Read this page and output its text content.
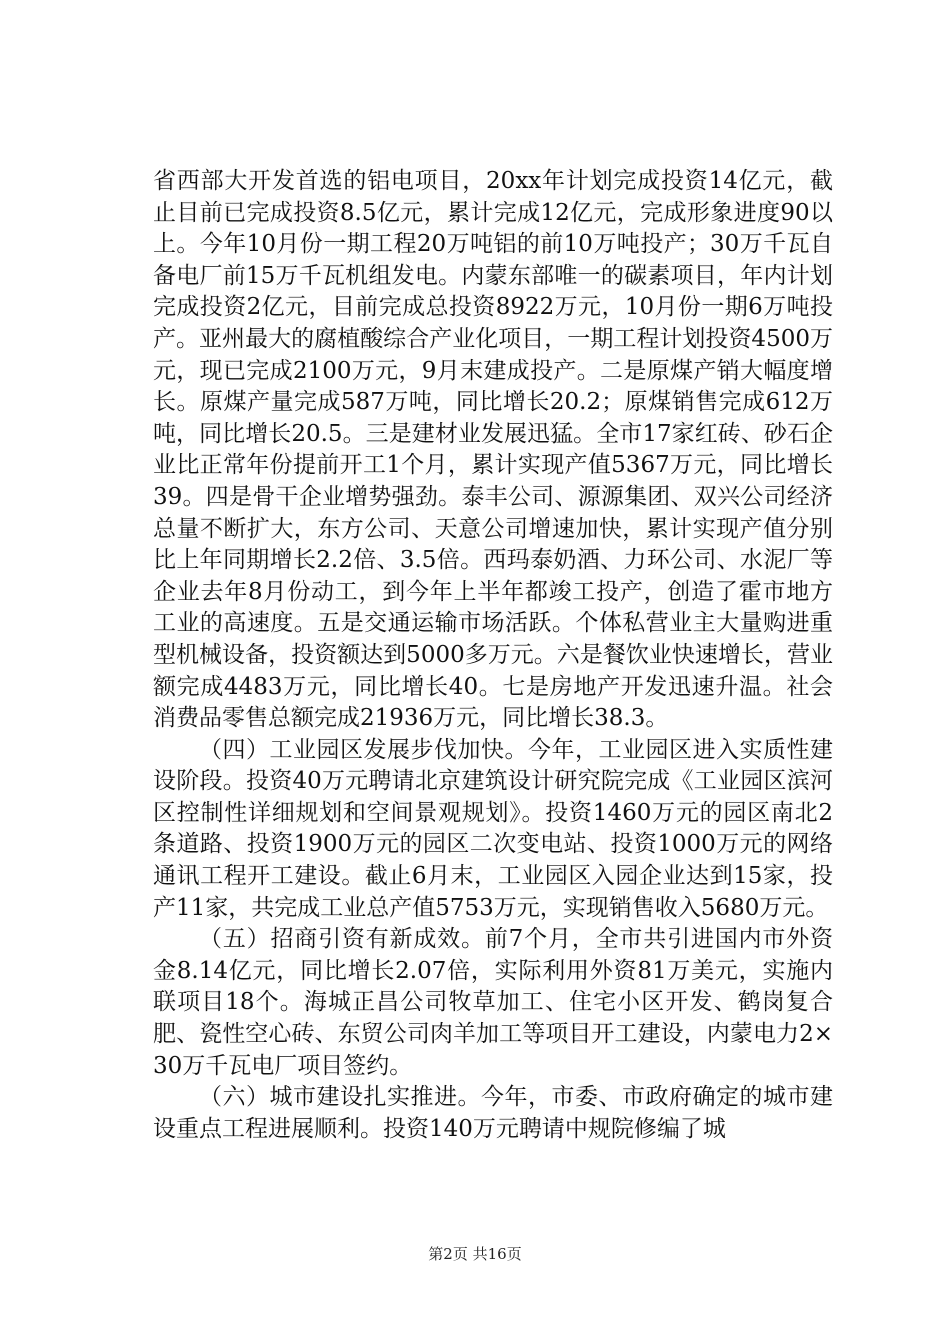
省西部大开发首选的铝电项目，20xx年计划完成投资14亿元，截止目前已完成投资8.5亿元，累计完成12亿元，完成形象进度90以上。今年10月份一期工程20万吨铝的前10万吨投产；30万千瓦自备电厂前15万千瓦机组发电。内蒙东部唯一的碳素项目，年内计划完成投资2亿元，目前完成总投资8922万元，10月份一期6万吨投产。亚州最大的腐植酸综合产业化项目，一期工程计划投资4500万元，现已完成2100万元，9月末建成投产。二是原煤产销大幅度增长。原煤产量完成587万吨，同比增长20.2；原煤销售完成612万吨，同比增长20.5。三是建材业发展迅猛。全市17家红砖、砂石企业比正常年份提前开工1个月，累计实现产值5367万元，同比增长39。四是骨干企业增势强劲。泰丰公司、源源集团、双兴公司经济总量不断扩大，东方公司、天意公司增速加快，累计实现产值分别比上年同期增长2.2倍、3.5倍。西玛泰奶酒、力环公司、水泥厂等企业去年8月份动工，到今年上半年都竣工投产，创造了霍市地方工业的高速度。五是交通运输市场活跃。个体私营业主大量购进重型机械设备，投资额达到5000多万元。六是餐饮业快速增长，营业额完成4483万元，同比增长40。七是房地产开发迅速升温。社会消费品零售总额完成21936万元，同比增长38.3。

（四）工业园区发展步伐加快。今年，工业园区进入实质性建设阶段。投资40万元聘请北京建筑设计研究院完成《工业园区滨河区控制性详细规划和空间景观规划》。投资1460万元的园区南北2条道路、投资1900万元的园区二次变电站、投资1000万元的网络通讯工程开工建设。截止6月末，工业园区入园企业达到15家，投产11家，共完成工业总产值5753万元，实现销售收入5680万元。

（五）招商引资有新成效。前7个月，全市共引进国内市外资金8.14亿元，同比增长2.07倍，实际利用外资81万美元，实施内联项目18个。海城正昌公司牧草加工、住宅小区开发、鹤岗复合肥、瓷性空心砖、东贸公司肉羊加工等项目开工建设，内蒙电力2×30万千瓦电厂项目签约。

（六）城市建设扎实推进。今年，市委、市政府确定的城市建设重点工程进展顺利。投资140万元聘请中规院修编了城

第2页 共16页
